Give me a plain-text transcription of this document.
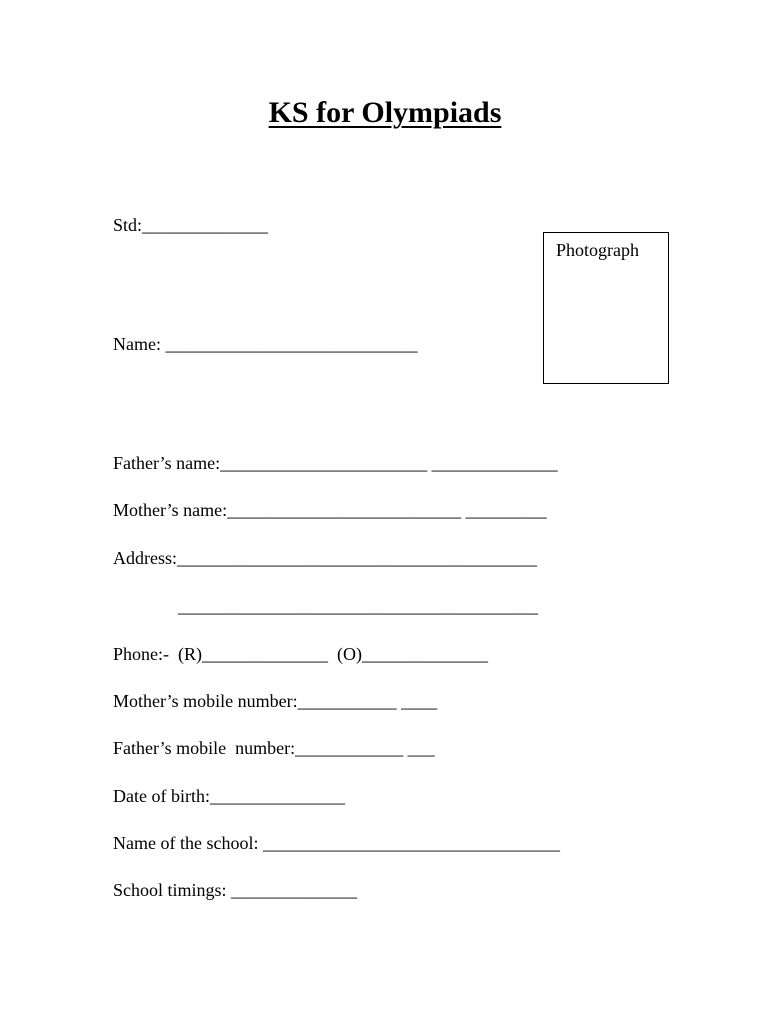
KS for Olympiads
Std:______________
Photograph
Name: ____________________________
Father’s name:_______________________ ______________
Mother’s name:__________________________ _________
Address:________________________________________
________________________________________
Phone:-  (R)______________  (O)______________
Mother’s mobile number:___________ ____
Father’s mobile  number:____________ ___
Date of birth:_______________
Name of the school: _________________________________
School timings: ______________
